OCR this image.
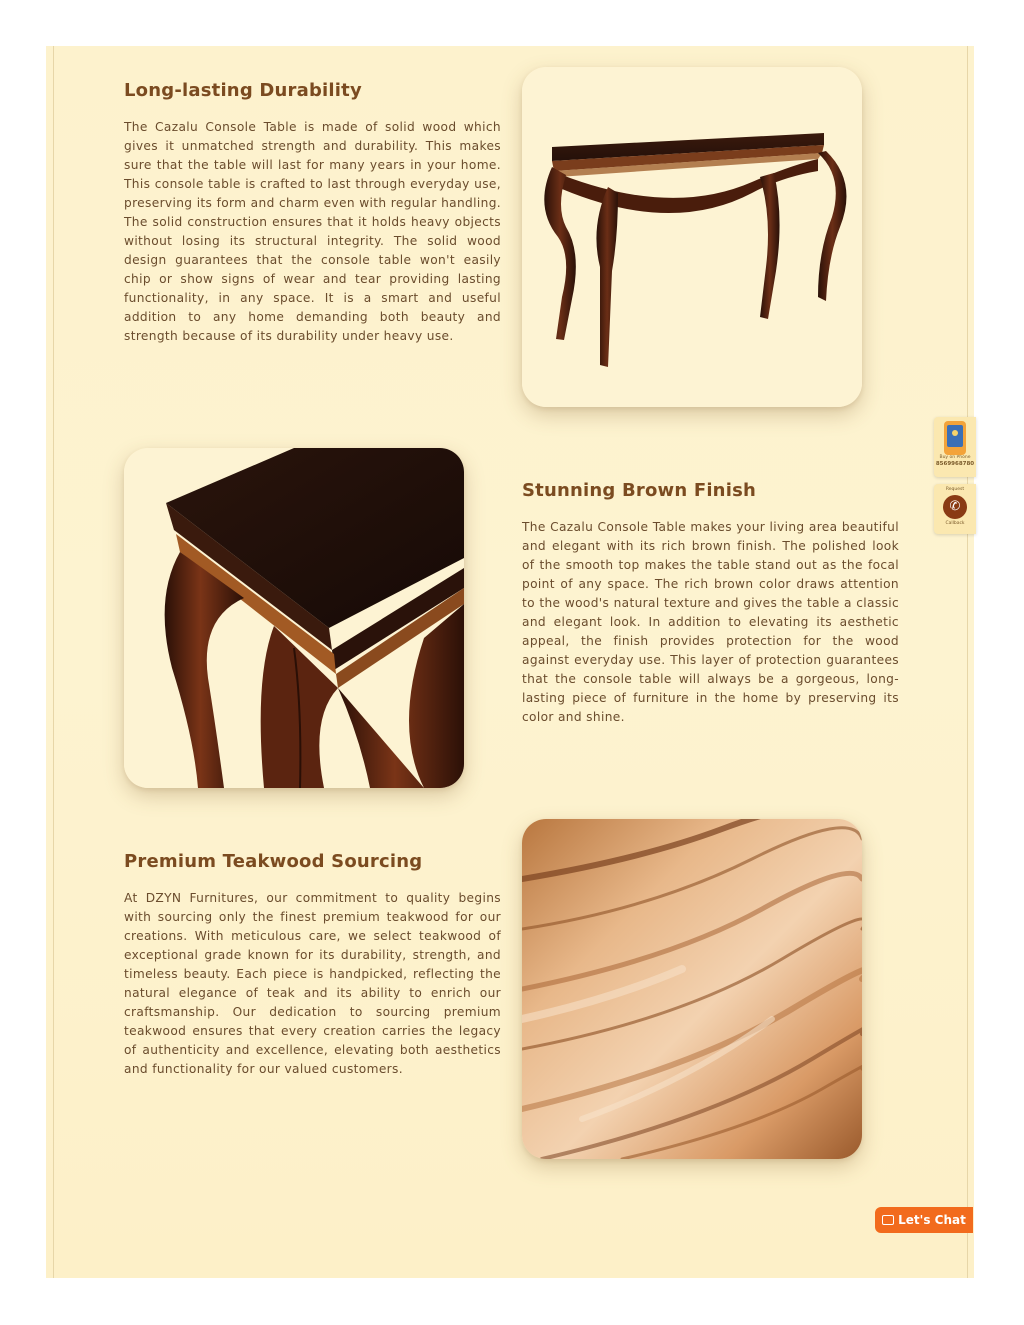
Long-lasting Durability

The Cazalu Console Table is made of solid wood which gives it unmatched strength and durability. This makes sure that the table will last for many years in your home. This console table is crafted to last through everyday use, preserving its form and charm even with regular handling. The solid construction ensures that it holds heavy objects without losing its structural integrity. The solid wood design guarantees that the console table won't easily chip or show signs of wear and tear providing lasting functionality, in any space. It is a smart and useful addition to any home demanding both beauty and strength because of its durability under heavy use.

Stunning Brown Finish

The Cazalu Console Table makes your living area beautiful and elegant with its rich brown finish. The polished look of the smooth top makes the table stand out as the focal point of any space. The rich brown color draws attention to the wood's natural texture and gives the table a classic and elegant look. In addition to elevating its aesthetic appeal, the finish provides protection for the wood against everyday use. This layer of protection guarantees that the console table will always be a gorgeous, long-lasting piece of furniture in the home by preserving its color and shine.

Premium Teakwood Sourcing

At DZYN Furnitures, our commitment to quality begins with sourcing only the finest premium teakwood for our creations. With meticulous care, we select teakwood of exceptional grade known for its durability, strength, and timeless beauty. Each piece is handpicked, reflecting the natural elegance of teak and its ability to enrich our craftsmanship. Our dedication to sourcing premium teakwood ensures that every creation carries the legacy of authenticity and excellence, elevating both aesthetics and functionality for our valued customers.

Buy on Phone
8569968780
Request
✆
Callback
Let's Chat
